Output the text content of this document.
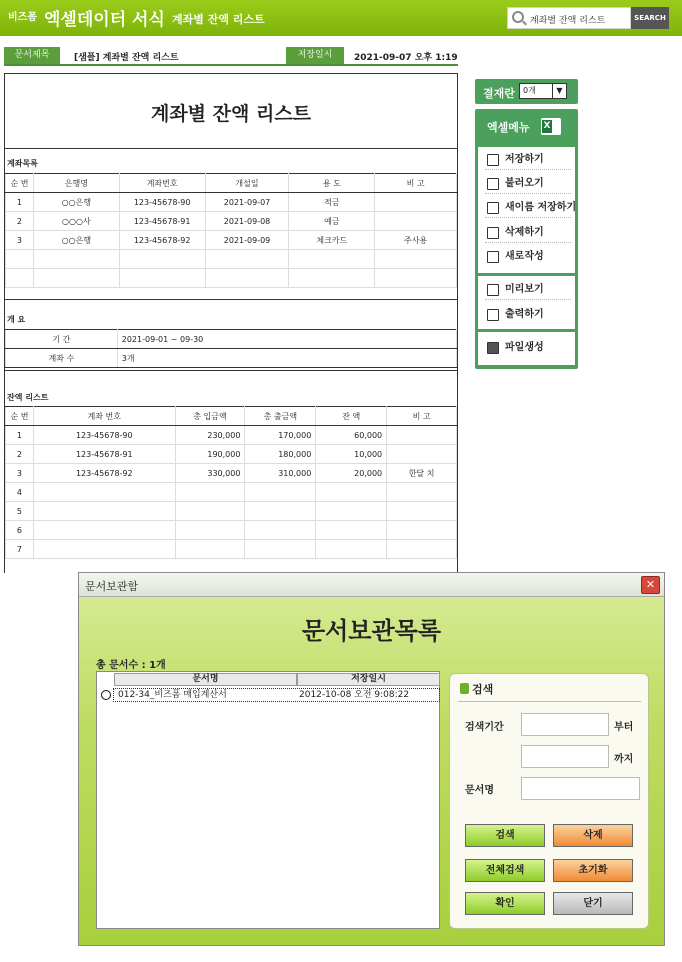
비즈폼 엑셀데이터 서식 계좌별 잔액 리스트	계좌별 잔액 리스트	SEARCH
문서제목	[샘플] 계좌별 잔액 리스트	저장일시	2021-09-07 오후 1:19
계좌별 잔액 리스트
계좌목록
순 번	은행명	계좌번호	개설일	용 도	비 고
1	○○은행	123-45678-90	2021-09-07	적금	
2	○○○사	123-45678-91	2021-09-08	예금	
3	○○은행	123-45678-92	2021-09-09	체크카드	주사용

개 요
기 간	2021-09-01 ~ 09-30
계좌 수	3개
잔액 리스트
순 번	계좌 번호	총 입금액	총 출금액	잔 액	비 고
1	123-45678-90	230,000	170,000	60,000	
2	123-45678-91	190,000	180,000	10,000	
3	123-45678-92	330,000	310,000	20,000	한달 치
4					
5					
6					
7					
결재란	0개	▼
엑셀메뉴
X
저장하기
불러오기
새이름 저장하기
삭제하기
새로작성
미리보기
출력하기
파일생성
문서보관함	✕
문서보관목록
총 문서수 : 1개
문서명	저장일시
012-34_비즈폼 매입계산서	2012-10-08 오전 9:08:22	검색
검색기간	부터
까지
문서명
검색	삭제
전체검색	초기화
확인	닫기
